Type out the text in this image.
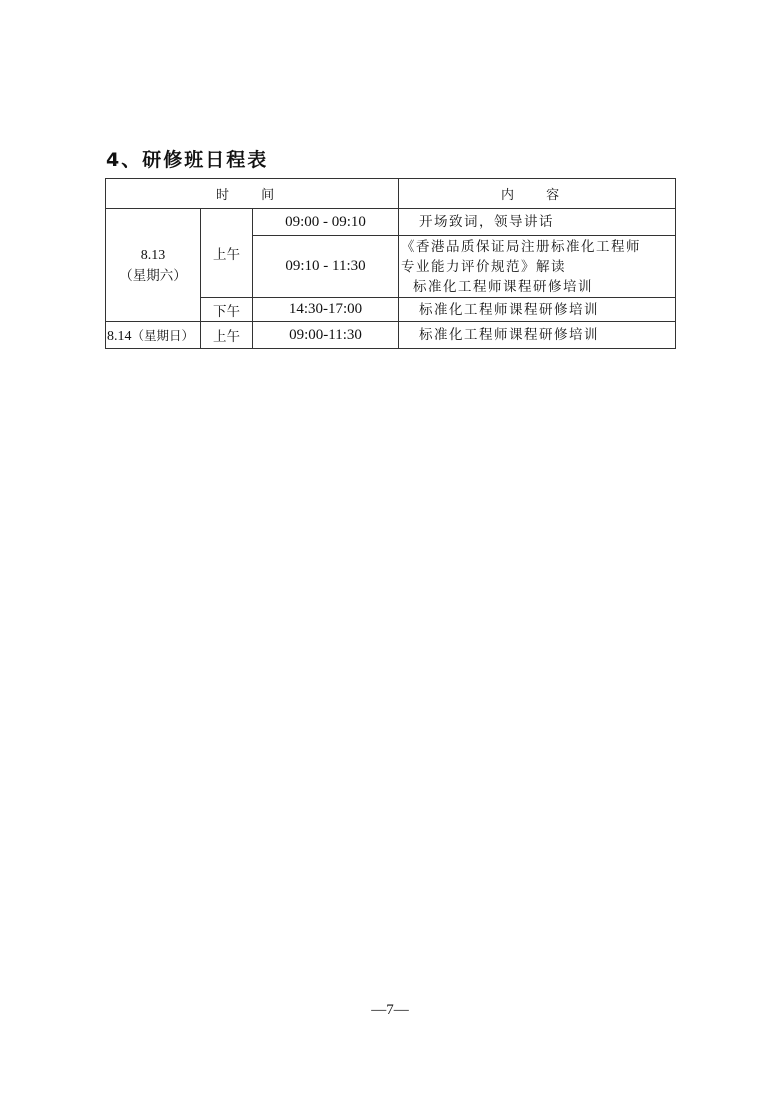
4、研修班日程表
时 间			内 容
8.13
（星期六）	上午	09:00 - 09:10	开场致词，领导讲话
		09:10 - 11:30	《香港品质保证局注册标准化工程师
专业能力评价规范》解读
标准化工程师课程研修培训

	下午	14:30-17:00	标准化工程师课程研修培训
8.14（星期日）	上午	09:00-11:30	标准化工程师课程研修培训
—7—
